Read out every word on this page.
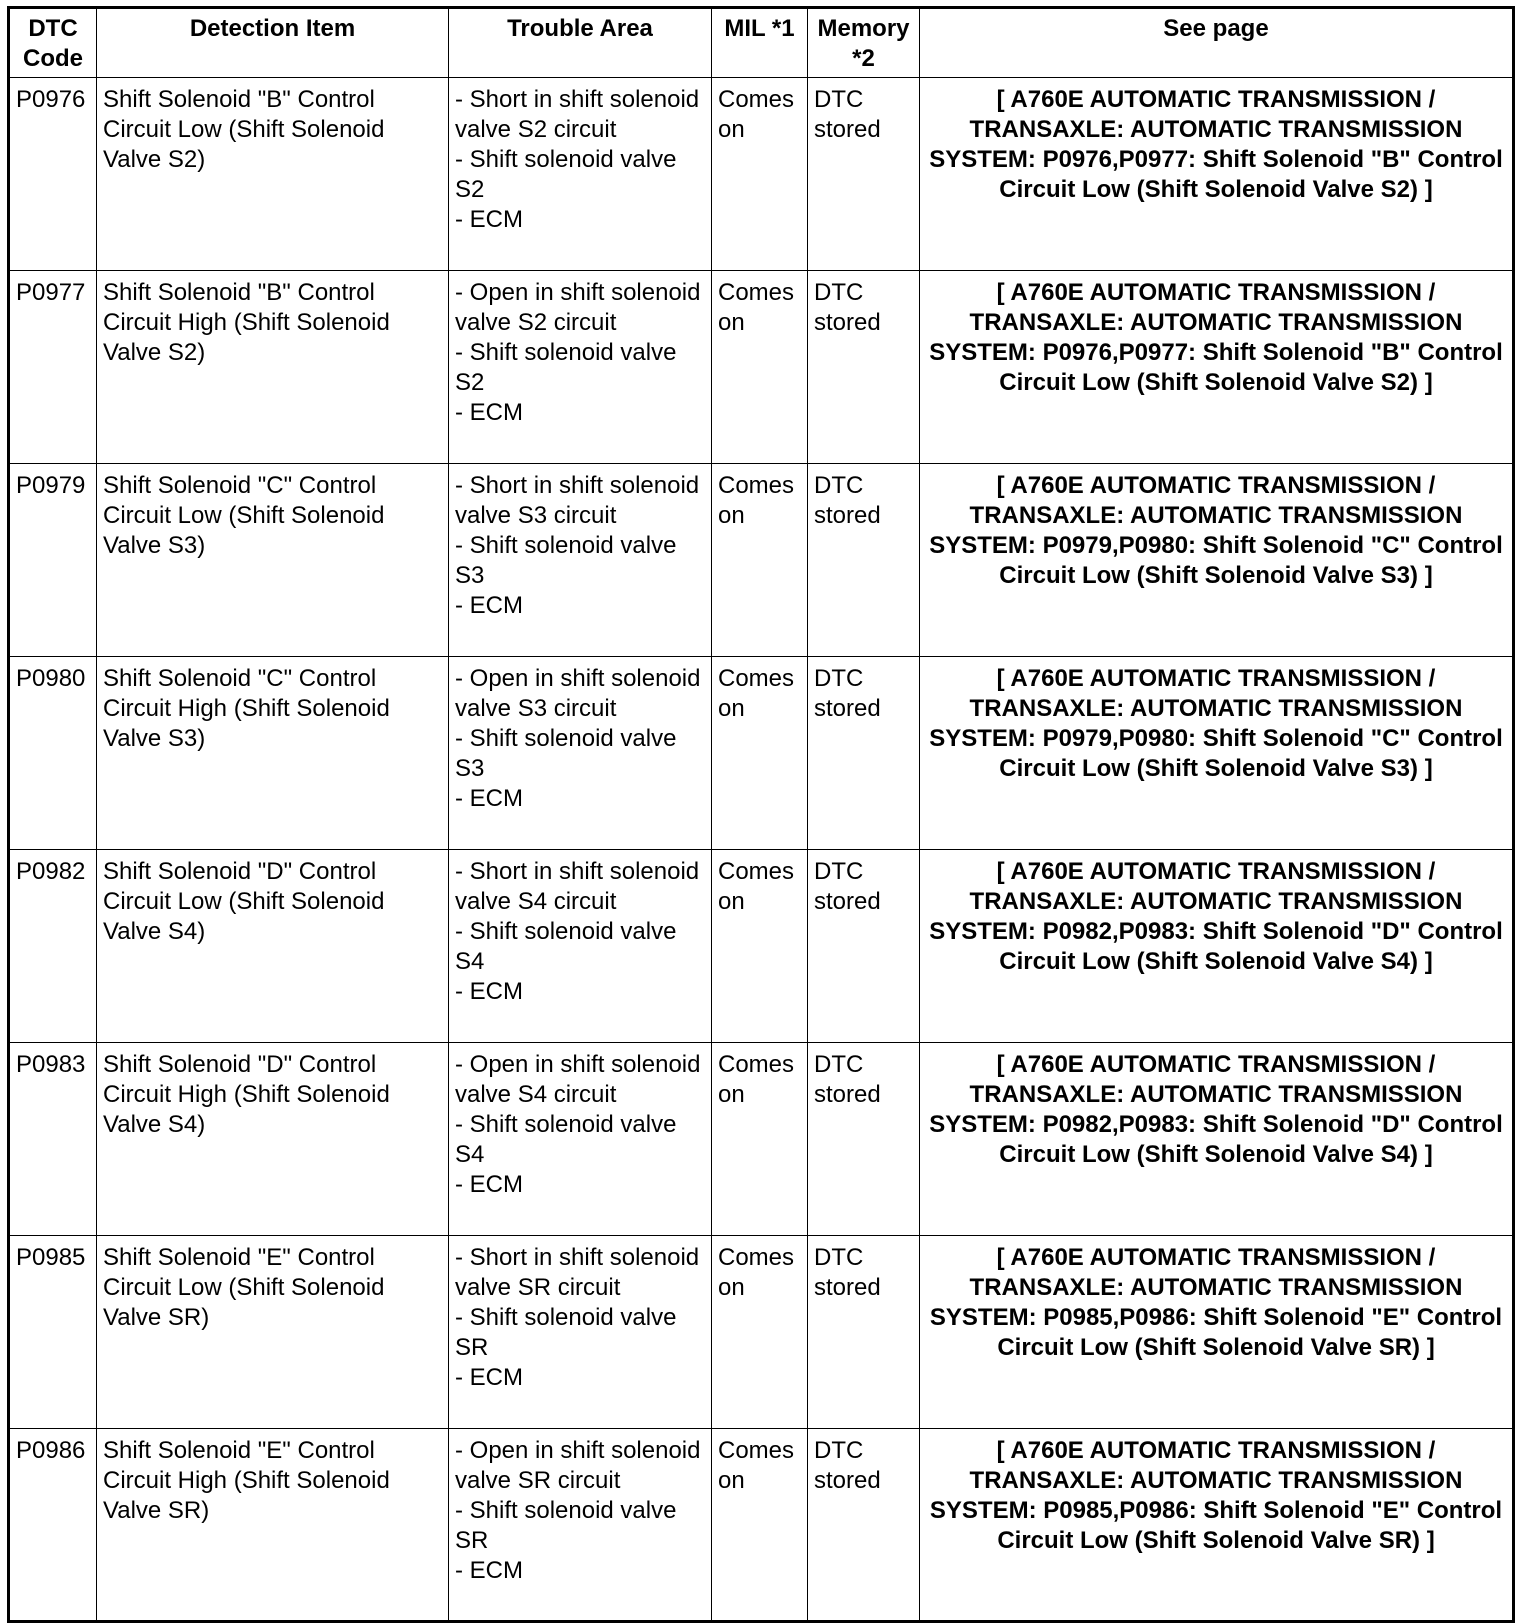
DTC Code	Detection Item	Trouble Area	MIL *1	Memory *2	See page
P0976	Shift Solenoid "B" Control Circuit Low (Shift Solenoid Valve S2)	- Short in shift solenoid valve S2 circuit
- Shift solenoid valve S2
- ECM	Comes on	DTC stored	[ A760E AUTOMATIC TRANSMISSION / TRANSAXLE: AUTOMATIC TRANSMISSION SYSTEM: P0976,P0977: Shift Solenoid "B" Control Circuit Low (Shift Solenoid Valve S2) ]
P0977	Shift Solenoid "B" Control Circuit High (Shift Solenoid Valve S2)	- Open in shift solenoid valve S2 circuit
- Shift solenoid valve S2
- ECM	Comes on	DTC stored	[ A760E AUTOMATIC TRANSMISSION / TRANSAXLE: AUTOMATIC TRANSMISSION SYSTEM: P0976,P0977: Shift Solenoid "B" Control Circuit Low (Shift Solenoid Valve S2) ]
P0979	Shift Solenoid "C" Control Circuit Low (Shift Solenoid Valve S3)	- Short in shift solenoid valve S3 circuit
- Shift solenoid valve S3
- ECM	Comes on	DTC stored	[ A760E AUTOMATIC TRANSMISSION / TRANSAXLE: AUTOMATIC TRANSMISSION SYSTEM: P0979,P0980: Shift Solenoid "C" Control Circuit Low (Shift Solenoid Valve S3) ]
P0980	Shift Solenoid "C" Control Circuit High (Shift Solenoid Valve S3)	- Open in shift solenoid valve S3 circuit
- Shift solenoid valve S3
- ECM	Comes on	DTC stored	[ A760E AUTOMATIC TRANSMISSION / TRANSAXLE: AUTOMATIC TRANSMISSION SYSTEM: P0979,P0980: Shift Solenoid "C" Control Circuit Low (Shift Solenoid Valve S3) ]
P0982	Shift Solenoid "D" Control Circuit Low (Shift Solenoid Valve S4)	- Short in shift solenoid valve S4 circuit
- Shift solenoid valve S4
- ECM	Comes on	DTC stored	[ A760E AUTOMATIC TRANSMISSION / TRANSAXLE: AUTOMATIC TRANSMISSION SYSTEM: P0982,P0983: Shift Solenoid "D" Control Circuit Low (Shift Solenoid Valve S4) ]
P0983	Shift Solenoid "D" Control Circuit High (Shift Solenoid Valve S4)	- Open in shift solenoid valve S4 circuit
- Shift solenoid valve S4
- ECM	Comes on	DTC stored	[ A760E AUTOMATIC TRANSMISSION / TRANSAXLE: AUTOMATIC TRANSMISSION SYSTEM: P0982,P0983: Shift Solenoid "D" Control Circuit Low (Shift Solenoid Valve S4) ]
P0985	Shift Solenoid "E" Control Circuit Low (Shift Solenoid Valve SR)	- Short in shift solenoid valve SR circuit
- Shift solenoid valve SR
- ECM	Comes on	DTC stored	[ A760E AUTOMATIC TRANSMISSION / TRANSAXLE: AUTOMATIC TRANSMISSION SYSTEM: P0985,P0986: Shift Solenoid "E" Control Circuit Low (Shift Solenoid Valve SR) ]
P0986	Shift Solenoid "E" Control Circuit High (Shift Solenoid Valve SR)	- Open in shift solenoid valve SR circuit
- Shift solenoid valve SR
- ECM	Comes on	DTC stored	[ A760E AUTOMATIC TRANSMISSION / TRANSAXLE: AUTOMATIC TRANSMISSION SYSTEM: P0985,P0986: Shift Solenoid "E" Control Circuit Low (Shift Solenoid Valve SR) ]
